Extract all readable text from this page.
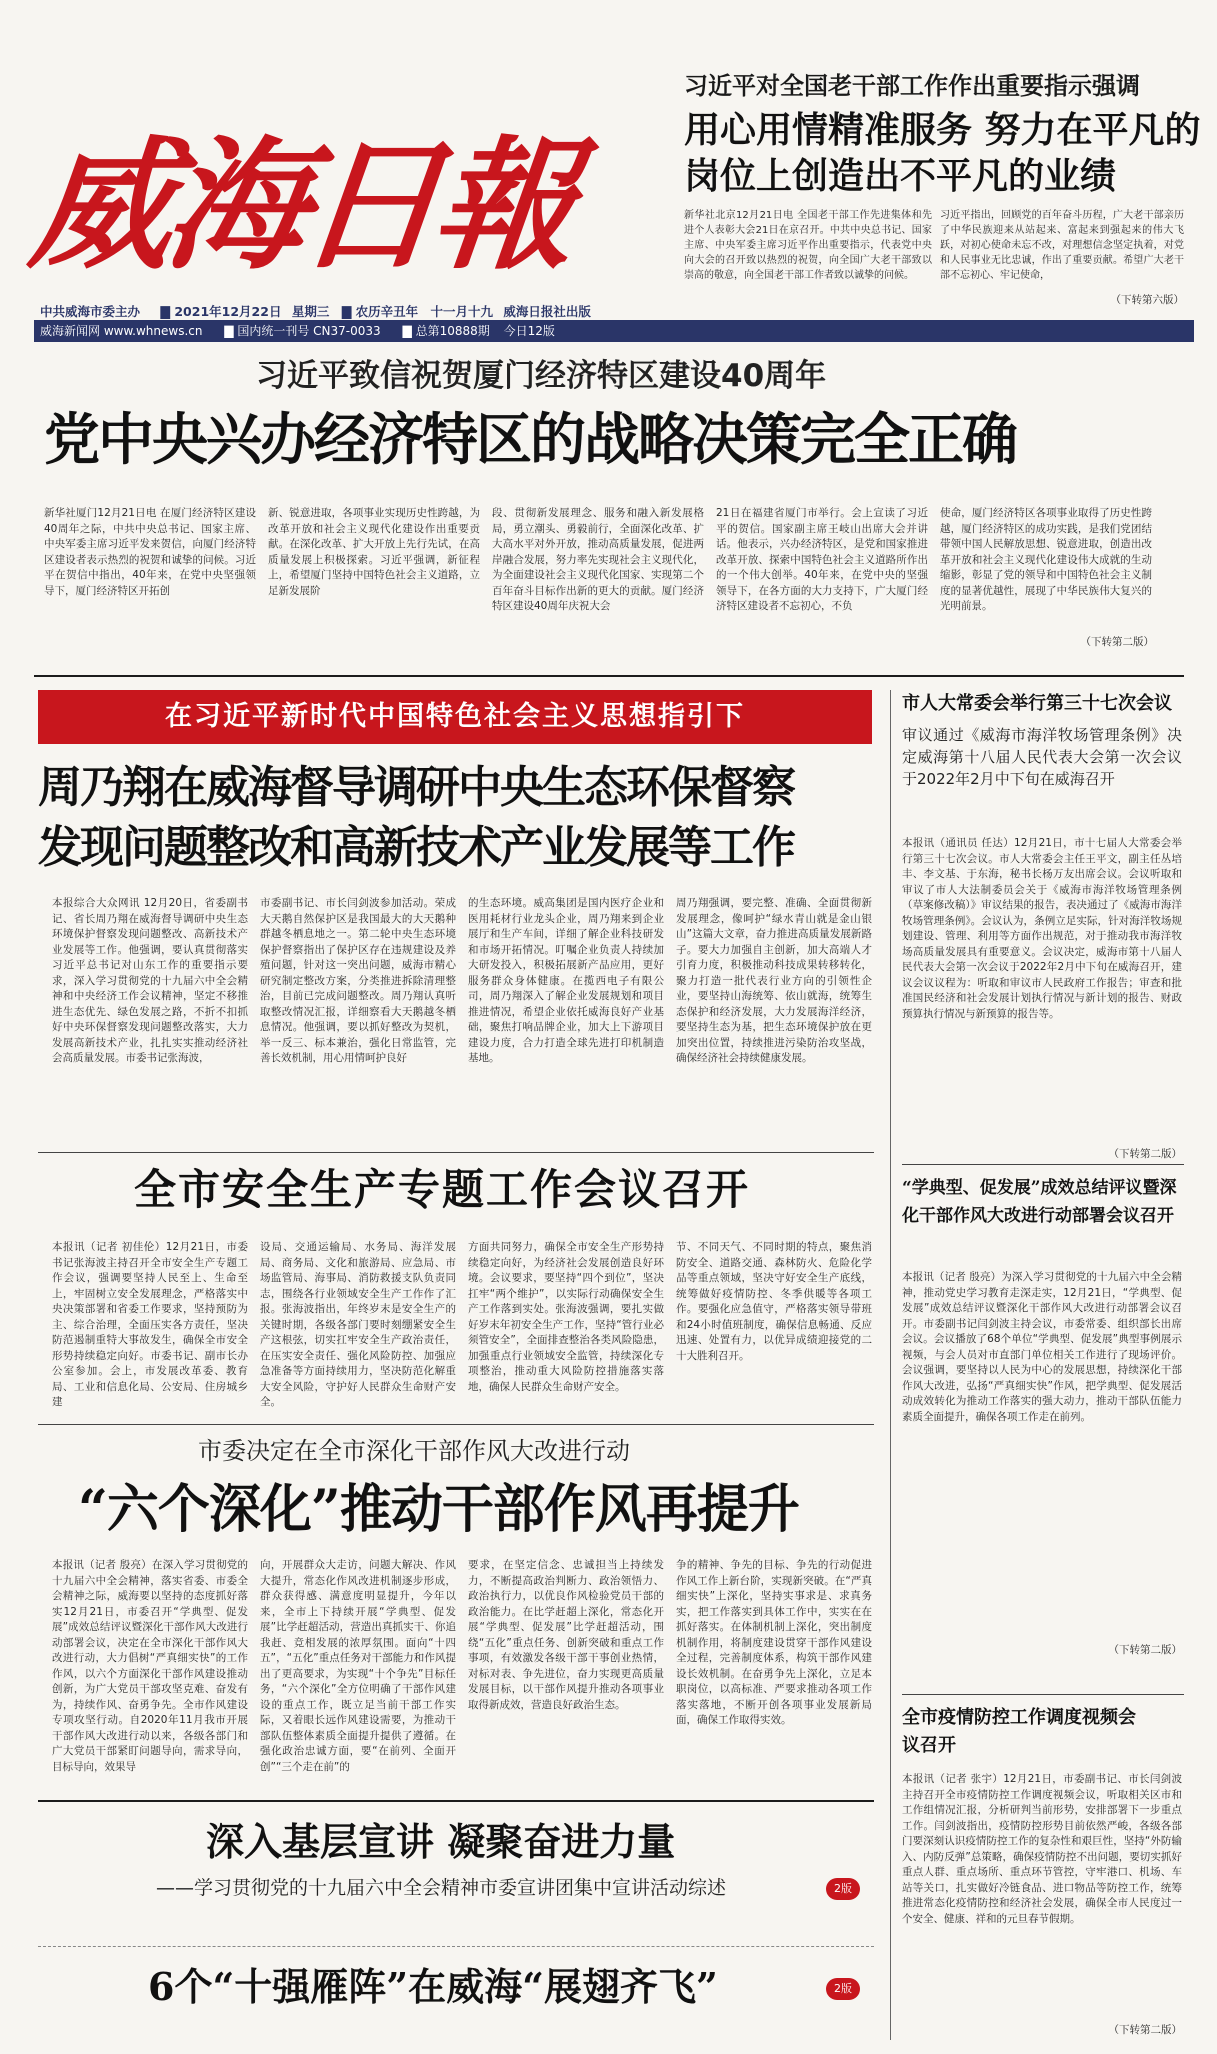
威海日報
中共威海市委主办 ▇ 2021年12月22日 星期三 ▇ 农历辛丑年 十一月十九 威海日报社出版
威海新闻网 www.whnews.cn ▇ 国内统一刊号 CN37-0033 ▇ 总第10888期 今日12版
习近平对全国老干部工作作出重要指示强调
用心用情精准服务 努力在平凡的
岗位上创造出不平凡的业绩
新华社北京12月21日电 全国老干部工作先进集体和先进个人表彰大会21日在京召开。中共中央总书记、国家主席、中央军委主席习近平作出重要指示，代表党中央向大会的召开致以热烈的祝贺，向全国广大老干部致以崇高的敬意，向全国老干部工作者致以诚挚的问候。
习近平指出，回顾党的百年奋斗历程，广大老干部亲历了中华民族迎来从站起来、富起来到强起来的伟大飞跃，对初心使命未忘不改，对理想信念坚定执着，对党和人民事业无比忠诚，作出了重要贡献。希望广大老干部不忘初心、牢记使命，
（下转第六版）
习近平致信祝贺厦门经济特区建设40周年
党中央兴办经济特区的战略决策完全正确
新华社厦门12月21日电 在厦门经济特区建设40周年之际，中共中央总书记、国家主席、中央军委主席习近平发来贺信，向厦门经济特区建设者表示热烈的祝贺和诚挚的问候。习近平在贺信中指出，40年来，在党中央坚强领导下，厦门经济特区开拓创
新、锐意进取，各项事业实现历史性跨越，为改革开放和社会主义现代化建设作出重要贡献。在深化改革、扩大开放上先行先试，在高质量发展上积极探索。习近平强调，新征程上，希望厦门坚持中国特色社会主义道路，立足新发展阶
段、贯彻新发展理念、服务和融入新发展格局，勇立潮头、勇毅前行，全面深化改革、扩大高水平对外开放，推动高质量发展，促进两岸融合发展，努力率先实现社会主义现代化，为全面建设社会主义现代化国家、实现第二个百年奋斗目标作出新的更大的贡献。厦门经济特区建设40周年庆祝大会
21日在福建省厦门市举行。会上宣读了习近平的贺信。国家副主席王岐山出席大会并讲话。他表示，兴办经济特区，是党和国家推进改革开放、探索中国特色社会主义道路所作出的一个伟大创举。40年来，在党中央的坚强领导下，在各方面的大力支持下，广大厦门经济特区建设者不忘初心，不负
使命，厦门经济特区各项事业取得了历史性跨越，厦门经济特区的成功实践，是我们党团结带领中国人民解放思想、锐意进取，创造出改革开放和社会主义现代化建设伟大成就的生动缩影，彰显了党的领导和中国特色社会主义制度的显著优越性，展现了中华民族伟大复兴的光明前景。
（下转第二版）
在习近平新时代中国特色社会主义思想指引下
周乃翔在威海督导调研中央生态环保督察
发现问题整改和高新技术产业发展等工作
本报综合大众网讯 12月20日，省委副书记、省长周乃翔在威海督导调研中央生态环境保护督察发现问题整改、高新技术产业发展等工作。他强调，要认真贯彻落实习近平总书记对山东工作的重要指示要求，深入学习贯彻党的十九届六中全会精神和中央经济工作会议精神，坚定不移推进生态优先、绿色发展之路，不折不扣抓好中央环保督察发现问题整改落实，大力发展高新技术产业，扎扎实实推动经济社会高质量发展。市委书记张海波，
市委副书记、市长闫剑波参加活动。荣成大天鹅自然保护区是我国最大的大天鹅种群越冬栖息地之一。第二轮中央生态环境保护督察指出了保护区存在违规建设及养殖问题，针对这一突出问题，威海市精心研究制定整改方案，分类推进拆除清理整治，目前已完成问题整改。周乃翔认真听取整改情况汇报，详细察看大天鹅越冬栖息情况。他强调，要以抓好整改为契机，举一反三、标本兼治，强化日常监管，完善长效机制，用心用情呵护良好
的生态环境。威高集团是国内医疗企业和医用耗材行业龙头企业，周乃翔来到企业展厅和生产车间，详细了解企业科技研发和市场开拓情况。叮嘱企业负责人持续加大研发投入，积极拓展新产品应用，更好服务群众身体健康。在揽西电子有限公司，周乃翔深入了解企业发展规划和项目推进情况，希望企业依托威海良好产业基础，聚焦打响品牌企业，加大上下游项目建设力度，合力打造全球先进打印机制造基地。
周乃翔强调，要完整、准确、全面贯彻新发展理念，像呵护“绿水青山就是金山银山”这篇大文章，奋力推进高质量发展新路子。要大力加强自主创新，加大高端人才引育力度，积极推动科技成果转移转化，聚力打造一批代表行业方向的引领性企业，要坚持山海统筹、依山就海，统筹生态保护和经济发展，大力发展海洋经济，要坚持生态为基，把生态环境保护放在更加突出位置，持续推进污染防治攻坚战，确保经济社会持续健康发展。
全市安全生产专题工作会议召开
本报讯（记者 初佳伦）12月21日，市委书记张海波主持召开全市安全生产专题工作会议，强调要坚持人民至上、生命至上，牢固树立安全发展理念，严格落实中央决策部署和省委工作要求，坚持预防为主、综合治理，全面压实各方责任，坚决防范遏制重特大事故发生，确保全市安全形势持续稳定向好。市委书记、副市长办公室参加。会上，市发展改革委、教育局、工业和信息化局、公安局、住房城乡建
设局、交通运输局、水务局、海洋发展局、商务局、文化和旅游局、应急局、市场监管局、海事局、消防救援支队负责同志，围绕各行业领域安全生产工作作了汇报。张海波指出，年终岁末是安全生产的关键时期，各级各部门要时刻绷紧安全生产这根弦，切实扛牢安全生产政治责任，在压实安全责任、强化风险防控、加强应急准备等方面持续用力，坚决防范化解重大安全风险，守护好人民群众生命财产安全。
方面共同努力，确保全市安全生产形势持续稳定向好，为经济社会发展创造良好环境。会议要求，要坚持“四个到位”，坚决扛牢“两个维护”，以实际行动确保安全生产工作落到实处。张海波强调，要扎实做好岁末年初安全生产工作，坚持“管行业必须管安全”，全面排查整治各类风险隐患，加强重点行业领域安全监管，持续深化专项整治，推动重大风险防控措施落实落地，确保人民群众生命财产安全。
节、不同天气、不同时期的特点，聚焦消防安全、道路交通、森林防火、危险化学品等重点领域，坚决守好安全生产底线，统筹做好疫情防控、冬季供暖等各项工作。要强化应急值守，严格落实领导带班和24小时值班制度，确保信息畅通、反应迅速、处置有力，以优异成绩迎接党的二十大胜利召开。
市委决定在全市深化干部作风大改进行动
“六个深化”推动干部作风再提升
本报讯（记者 殷亮）在深入学习贯彻党的十九届六中全会精神，落实省委、市委全会精神之际，威海要以坚持的态度抓好落实12月21日，市委召开“学典型、促发展”成效总结评议暨深化干部作风大改进行动部署会议，决定在全市深化干部作风大改进行动，大力倡树“严真细实快”的工作作风，以六个方面深化干部作风建设推动创新，为广大党员干部攻坚克难、奋发有为，持续作风、奋勇争先。全市作风建设专项攻坚行动。自2020年11月我市开展干部作风大改进行动以来，各级各部门和广大党员干部紧盯问题导向，需求导向，目标导向，效果导
向，开展群众大走访，问题大解决、作风大提升，常态化作风改进机制逐步形成，群众获得感、满意度明显提升，今年以来，全市上下持续开展“学典型、促发展”比学赶超活动，营造出真抓实干、你追我赶、竞相发展的浓厚氛围。面向“十四五”，“五化”重点任务对干部能力和作风提出了更高要求，为实现“十个争先”目标任务，“六个深化”全方位明确了干部作风建设的重点工作，既立足当前干部工作实际，又着眼长远作风建设需要，为推动干部队伍整体素质全面提升提供了遵循。在强化政治忠诚方面，要“在前列、全面开创”“三个走在前”的
要求，在坚定信念、忠诚担当上持续发力，不断提高政治判断力、政治领悟力、政治执行力，以优良作风检验党员干部的政治能力。在比学赶超上深化，常态化开展“学典型、促发展”比学赶超活动，围绕“五化”重点任务、创新突破和重点工作事项，有效激发各级干部干事创业热情，对标对表、争先进位，奋力实现更高质量发展目标，以干部作风提升推动各项事业取得新成效，营造良好政治生态。
争的精神、争先的目标、争先的行动促进作风工作上新台阶，实现新突破。在“严真细实快”上深化，坚持实事求是、求真务实，把工作落实到具体工作中，实实在在抓好落实。在体制机制上深化，突出制度机制作用，将制度建设贯穿干部作风建设全过程，完善制度体系，构筑干部作风建设长效机制。在奋勇争先上深化，立足本职岗位，以高标准、严要求推动各项工作落实落地，不断开创各项事业发展新局面，确保工作取得实效。
深入基层宣讲 凝聚奋进力量
——学习贯彻党的十九届六中全会精神市委宣讲团集中宣讲活动综述	2版
6个“十强雁阵”在威海“展翅齐飞”	2版
市人大常委会举行第三十七次会议
审议通过《威海市海洋牧场管理条例》决定威海第十八届人民代表大会第一次会议于2022年2月中下旬在威海召开
本报讯（通讯员 任达）12月21日，市十七届人大常委会举行第三十七次会议。市人大常委会主任王平文，副主任丛培丰、李文基、于东海，秘书长杨万友出席会议。会议听取和审议了市人大法制委员会关于《威海市海洋牧场管理条例（草案修改稿）》审议结果的报告，表决通过了《威海市海洋牧场管理条例》。会议认为，条例立足实际，针对海洋牧场规划建设、管理、利用等方面作出规范，对于推动我市海洋牧场高质量发展具有重要意义。会议决定，威海市第十八届人民代表大会第一次会议于2022年2月中下旬在威海召开，建议会议议程为：听取和审议市人民政府工作报告；审查和批准国民经济和社会发展计划执行情况与新计划的报告、财政预算执行情况与新预算的报告等。
（下转第二版）
“学典型、促发展”成效总结评议暨深化干部作风大改进行动部署会议召开
本报讯（记者 殷亮）为深入学习贯彻党的十九届六中全会精神，推动党史学习教育走深走实，12月21日，“学典型、促发展”成效总结评议暨深化干部作风大改进行动部署会议召开。市委副书记闫剑波主持会议，市委常委、组织部长出席会议。会议播放了68个单位“学典型、促发展”典型事例展示视频，与会人员对市直部门单位相关工作进行了现场评价。会议强调，要坚持以人民为中心的发展思想，持续深化干部作风大改进，弘扬“严真细实快”作风，把学典型、促发展活动成效转化为推动工作落实的强大动力，推动干部队伍能力素质全面提升，确保各项工作走在前列。
（下转第二版）
全市疫情防控工作调度视频会议召开
本报讯（记者 张宇）12月21日，市委副书记、市长闫剑波主持召开全市疫情防控工作调度视频会议，听取相关区市和工作组情况汇报，分析研判当前形势，安排部署下一步重点工作。闫剑波指出，疫情防控形势目前依然严峻，各级各部门要深刻认识疫情防控工作的复杂性和艰巨性，坚持“外防输入、内防反弹”总策略，确保疫情防控不出问题，要切实抓好重点人群、重点场所、重点环节管控，守牢港口、机场、车站等关口，扎实做好冷链食品、进口物品等防控工作，统筹推进常态化疫情防控和经济社会发展，确保全市人民度过一个安全、健康、祥和的元旦春节假期。
（下转第二版）
